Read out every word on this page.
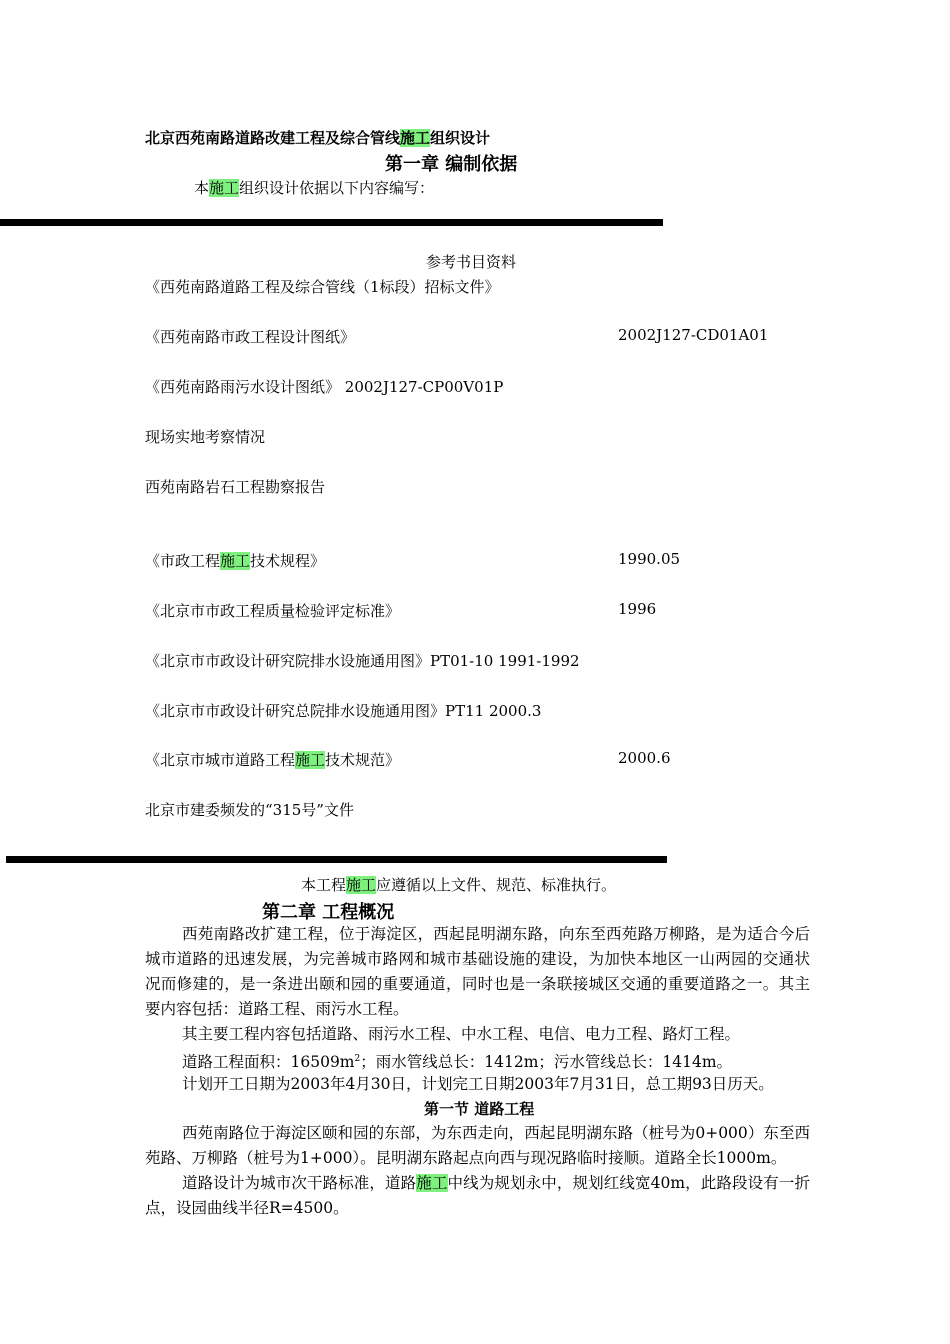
北京西苑南路道路改建工程及综合管线施工组织设计
第一章 编制依据
本施工组织设计依据以下内容编写：
参考书目资料
《西苑南路道路工程及综合管线（1标段）招标文件》
《西苑南路市政工程设计图纸》	2002J127-CD01A01
《西苑南路雨污水设计图纸》 2002J127-CP00V01P
现场实地考察情况
西苑南路岩石工程勘察报告
《市政工程施工技术规程》	1990.05
《北京市市政工程质量检验评定标准》	1996
《北京市市政设计研究院排水设施通用图》PT01-10 1991-1992
《北京市市政设计研究总院排水设施通用图》PT11 2000.3
《北京市城市道路工程施工技术规范》	2000.6
北京市建委频发的“315号”文件
本工程施工应遵循以上文件、规范、标准执行。
第二章 工程概况
西苑南路改扩建工程，位于海淀区，西起昆明湖东路，向东至西苑路万柳路，是为适合今后城市道路的迅速发展，为完善城市路网和城市基础设施的建设，为加快本地区一山两园的交通状况而修建的，是一条进出颐和园的重要通道，同时也是一条联接城区交通的重要道路之一。其主要内容包括：道路工程、雨污水工程。
其主要工程内容包括道路、雨污水工程、中水工程、电信、电力工程、路灯工程。
道路工程面积：$16509m^2$；雨水管线总长：1412m；污水管线总长：1414m。
计划开工日期为2003年4月30日，计划完工日期2003年7月31日，总工期93日历天。
第一节 道路工程
西苑南路位于海淀区颐和园的东部，为东西走向，西起昆明湖东路（桩号为0+000）东至西苑路、万柳路（桩号为1+000）。昆明湖东路起点向西与现况路临时接顺。道路全长1000m。
道路设计为城市次干路标准，道路施工中线为规划永中，规划红线宽40m，此路段设有一折点，设园曲线半径R=4500。
